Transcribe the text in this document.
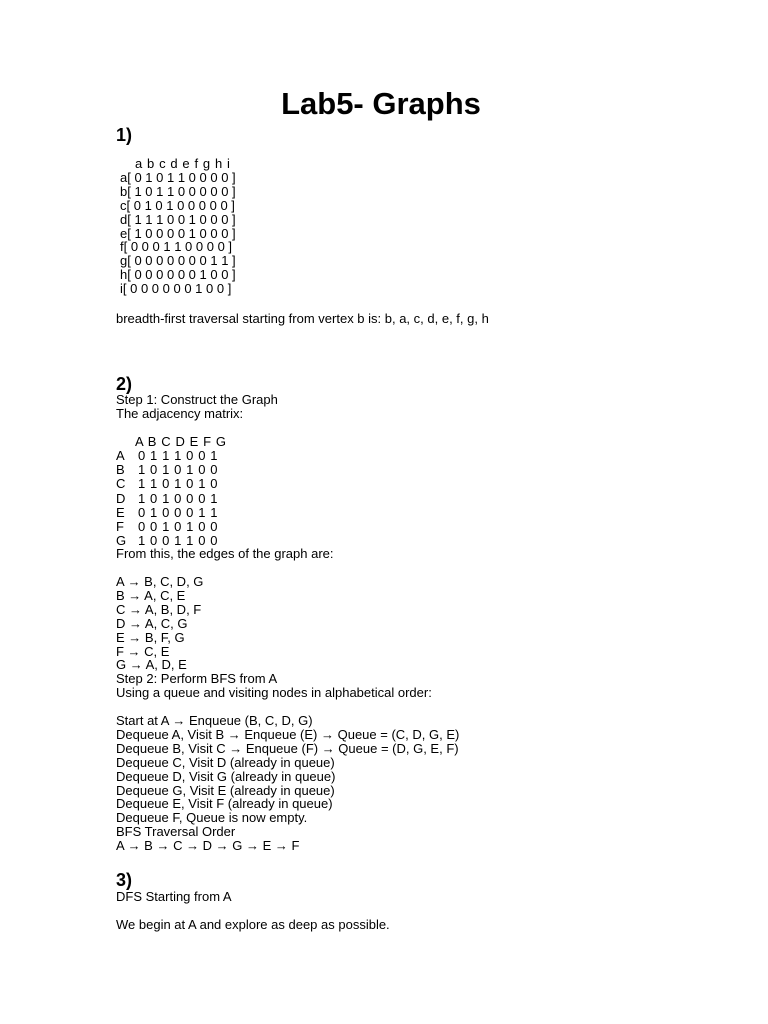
Lab5- Graphs
1)
a b c d e f g h i
a[ 0 1 0 1 1 0 0 0 0 ]
b[ 1 0 1 1 0 0 0 0 0 ]
c[ 0 1 0 1 0 0 0 0 0 ]
d[ 1 1 1 0 0 1 0 0 0 ]
e[ 1 0 0 0 0 1 0 0 0 ]
f[ 0 0 0 1 1 0 0 0 0 ]
g[ 0 0 0 0 0 0 0 1 1 ]
h[ 0 0 0 0 0 0 1 0 0 ]
i[ 0 0 0 0 0 0 1 0 0 ]
breadth-first traversal starting from vertex b is: b, a, c, d, e, f, g, h
2)
Step 1: Construct the Graph
The adjacency matrix:
A B C D E F G
A	0 1 1 1 0 0 1
B	1 0 1 0 1 0 0
C 1 1 0 1 0 1 0
D 1 0 1 0 0 0 1
E	0 1 0 0 0 1 1
F	0 0 1 0 1 0 0
G 1 0 0 1 1 0 0
From this, the edges of the graph are:
A → B, C, D, G
B → A, C, E
C → A, B, D, F
D → A, C, G
E → B, F, G
F → C, E
G → A, D, E
Step 2: Perform BFS from A
Using a queue and visiting nodes in alphabetical order:
Start at A → Enqueue (B, C, D, G)
Dequeue A, Visit B → Enqueue (E) → Queue = (C, D, G, E)
Dequeue B, Visit C → Enqueue (F) → Queue = (D, G, E, F)
Dequeue C, Visit D (already in queue)
Dequeue D, Visit G (already in queue)
Dequeue G, Visit E (already in queue)
Dequeue E, Visit F (already in queue)
Dequeue F, Queue is now empty.
BFS Traversal Order
A → B → C → D → G → E → F
3)
DFS Starting from A
We begin at A and explore as deep as possible.
